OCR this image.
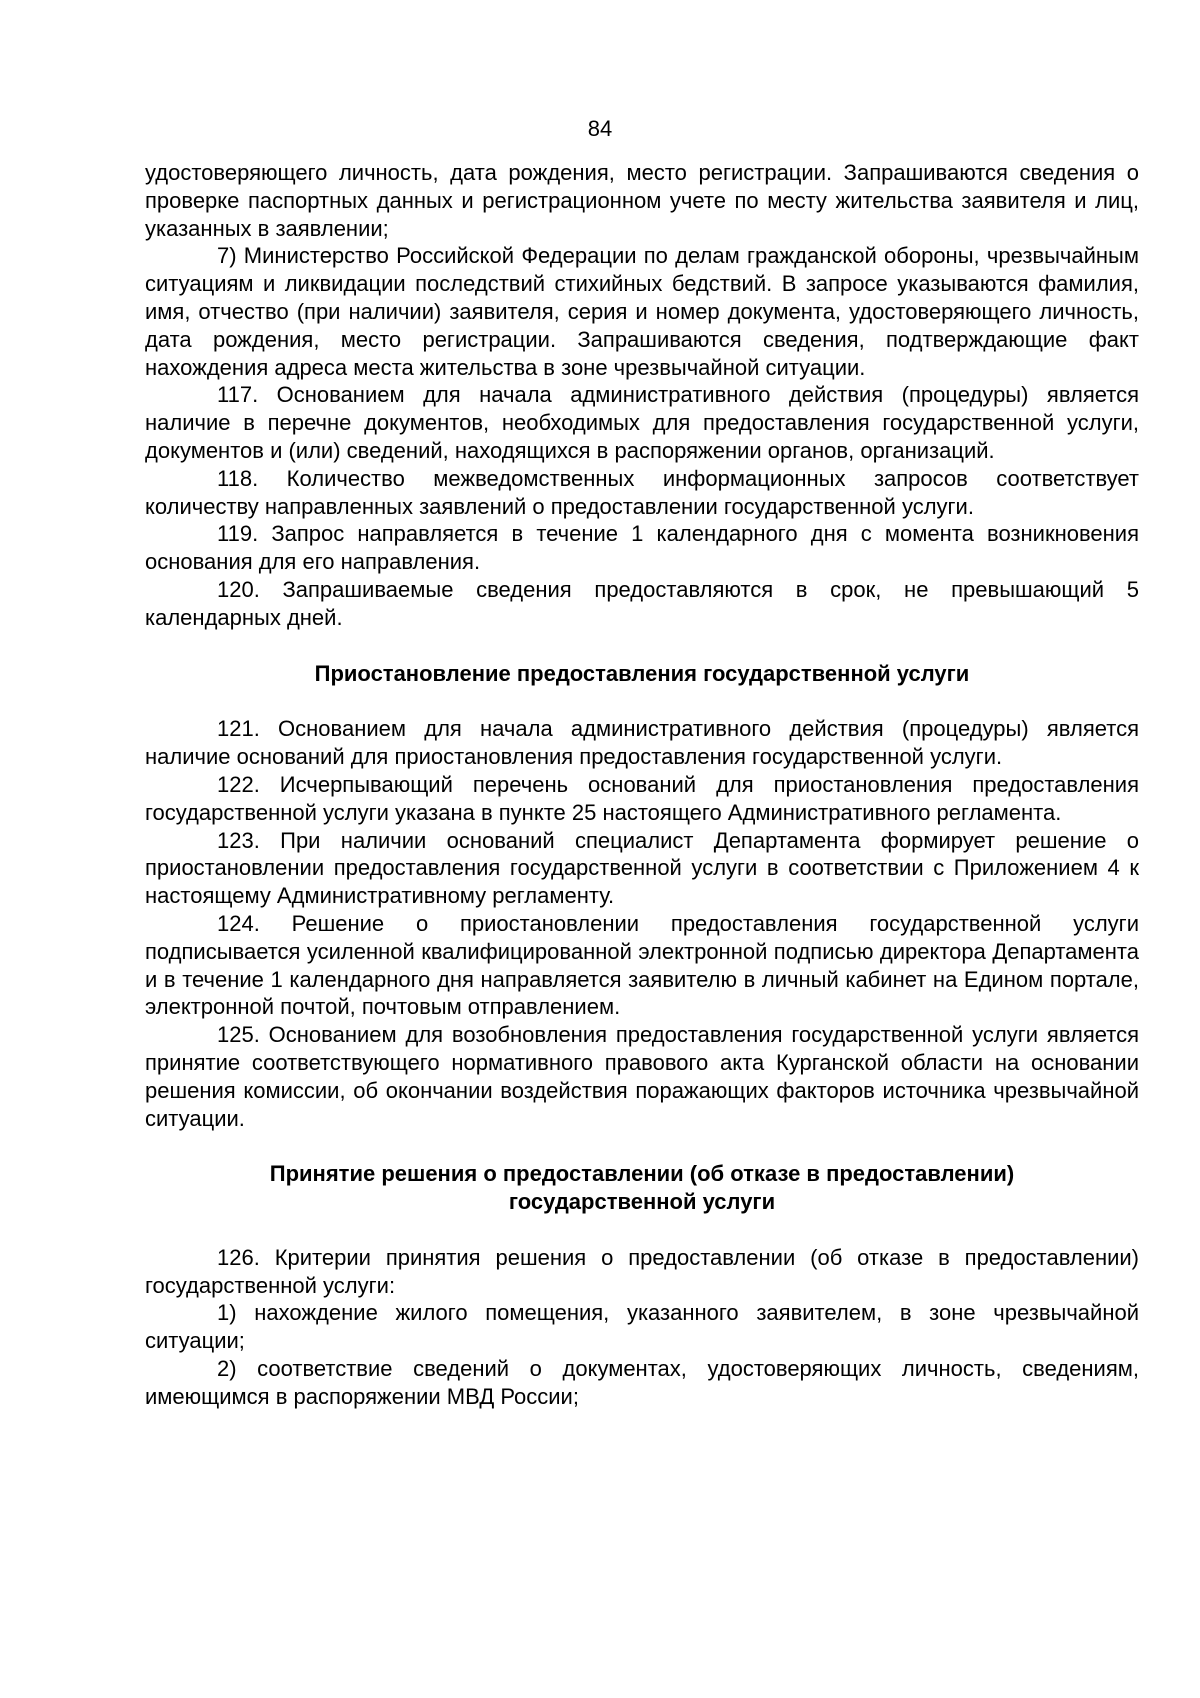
84

удостоверяющего личность, дата рождения, место регистрации. Запрашиваются сведения о проверке паспортных данных и регистрационном учете по месту жительства заявителя и лиц, указанных в заявлении;

7) Министерство Российской Федерации по делам гражданской обороны, чрезвычайным ситуациям и ликвидации последствий стихийных бедствий. В запросе указываются фамилия, имя, отчество (при наличии) заявителя, серия и номер документа, удостоверяющего личность, дата рождения, место регистрации. Запрашиваются сведения, подтверждающие факт нахождения адреса места жительства в зоне чрезвычайной ситуации.

117. Основанием для начала административного действия (процедуры) является наличие в перечне документов, необходимых для предоставления государственной услуги, документов и (или) сведений, находящихся в распоряжении органов, организаций.

118. Количество межведомственных информационных запросов соответствует количеству направленных заявлений о предоставлении государственной услуги.

119. Запрос направляется в течение 1 календарного дня с момента возникновения основания для его направления.

120. Запрашиваемые сведения предоставляются в срок, не превышающий 5 календарных дней.

Приостановление предоставления государственной услуги

121. Основанием для начала административного действия (процедуры) является наличие оснований для приостановления предоставления государственной услуги.

122. Исчерпывающий перечень оснований для приостановления предоставления государственной услуги указана в пункте 25 настоящего Административного регламента.

123. При наличии оснований специалист Департамента формирует решение о приостановлении предоставления государственной услуги в соответствии с Приложением 4 к настоящему Административному регламенту.

124. Решение о приостановлении предоставления государственной услуги подписывается усиленной квалифицированной электронной подписью директора Департамента и в течение 1 календарного дня направляется заявителю в личный кабинет на Едином портале, электронной почтой, почтовым отправлением.

125. Основанием для возобновления предоставления государственной услуги является принятие соответствующего нормативного правового акта Курганской области на основании решения комиссии, об окончании воздействия поражающих факторов источника чрезвычайной ситуации.

Принятие решения о предоставлении (об отказе в предоставлении)
государственной услуги

126. Критерии принятия решения о предоставлении (об отказе в предоставлении) государственной услуги:

1) нахождение жилого помещения, указанного заявителем, в зоне чрезвычайной ситуации;

2) соответствие сведений о документах, удостоверяющих личность, сведениям, имеющимся в распоряжении МВД России;
